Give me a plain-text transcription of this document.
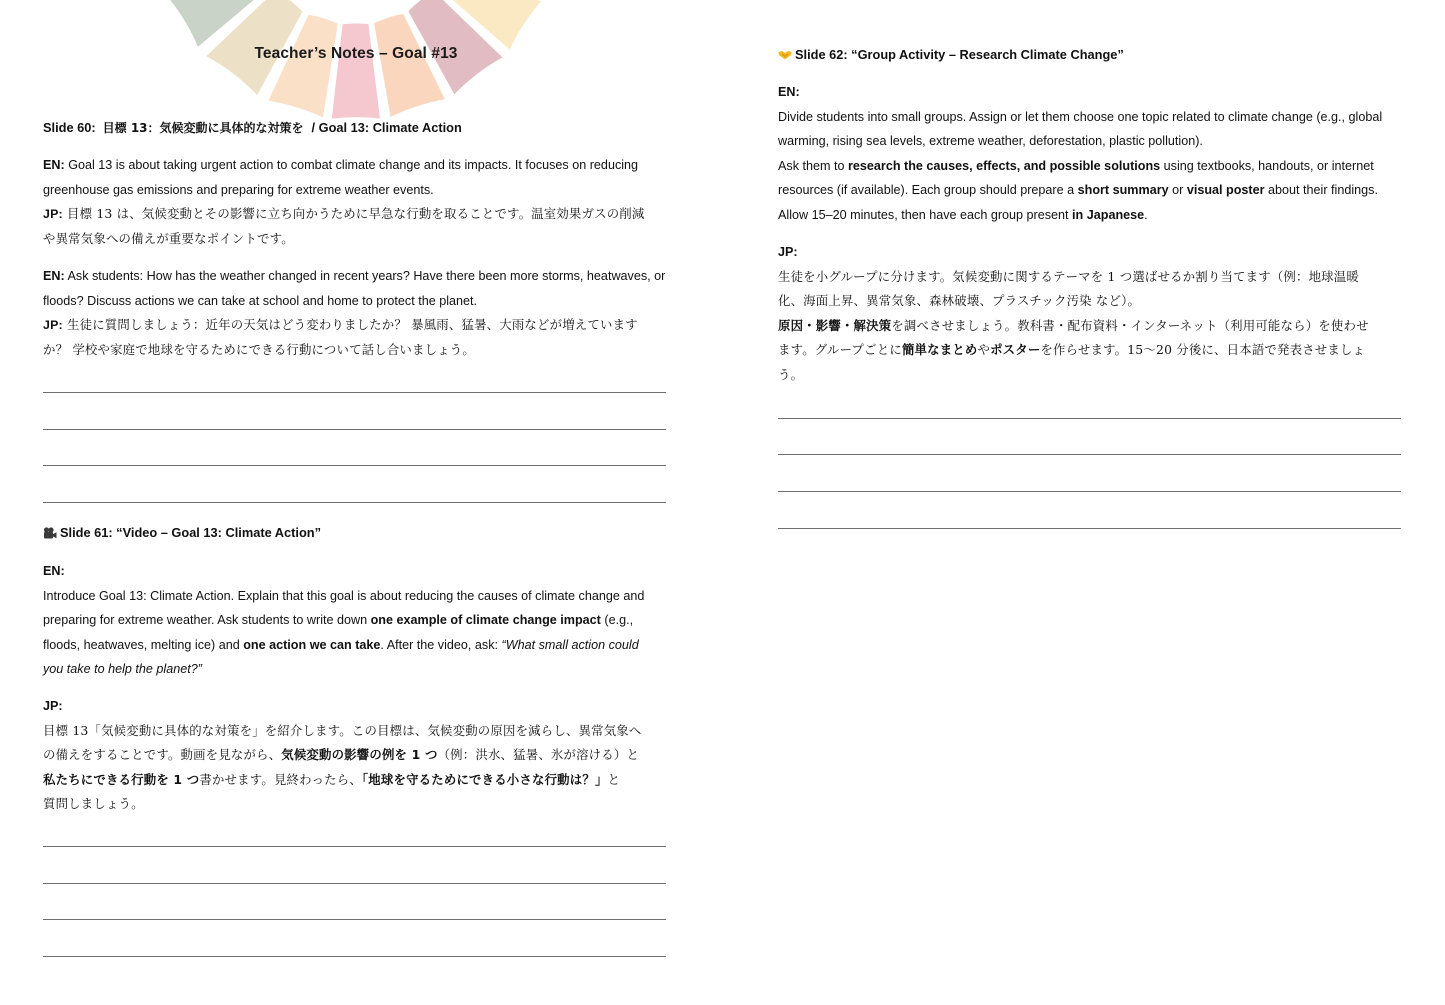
Teacher’s Notes – Goal #13
Slide 60: 目標 13：気候変動に具体的な対策を / Goal 13: Climate Action
EN: Goal 13 is about taking urgent action to combat climate change and its impacts. It focuses on reducing
greenhouse gas emissions and preparing for extreme weather events.
JP: 目標 13 は、気候変動とその影響に立ち向かうために早急な行動を取ることです。温室効果ガスの削減
や異常気象への備えが重要なポイントです。
EN: Ask students: How has the weather changed in recent years? Have there been more storms, heatwaves, or
floods? Discuss actions we can take at school and home to protect the planet.
JP: 生徒に質問しましょう：近年の天気はどう変わりましたか？ 暴風雨、猛暑、大雨などが増えています
か？ 学校や家庭で地球を守るためにできる行動について話し合いましょう。
Slide 61: “Video – Goal 13: Climate Action”
EN:
Introduce Goal 13: Climate Action. Explain that this goal is about reducing the causes of climate change and
preparing for extreme weather. Ask students to write down one example of climate change impact (e.g.,
floods, heatwaves, melting ice) and one action we can take. After the video, ask: “What small action could
you take to help the planet?”
JP:
目標 13「気候変動に具体的な対策を」を紹介します。この目標は、気候変動の原因を減らし、異常気象へ
の備えをすることです。動画を見ながら、気候変動の影響の例を 1 つ（例：洪水、猛暑、氷が溶ける）と
私たちにできる行動を 1 つ書かせます。見終わったら、「地球を守るためにできる小さな行動は？」と
質問しましょう。
Slide 62: “Group Activity – Research Climate Change”
EN:
Divide students into small groups. Assign or let them choose one topic related to climate change (e.g., global
warming, rising sea levels, extreme weather, deforestation, plastic pollution).
Ask them to research the causes, effects, and possible solutions using textbooks, handouts, or internet
resources (if available). Each group should prepare a short summary or visual poster about their findings.
Allow 15–20 minutes, then have each group present in Japanese.
JP:
生徒を小グループに分けます。気候変動に関するテーマを 1 つ選ばせるか割り当てます（例：地球温暖
化、海面上昇、異常気象、森林破壊、プラスチック汚染 など）。
原因・影響・解決策を調べさせましょう。教科書・配布資料・インターネット（利用可能なら）を使わせ
ます。グループごとに簡単なまとめやポスターを作らせます。15〜20 分後に、日本語で発表させましょ
う。
